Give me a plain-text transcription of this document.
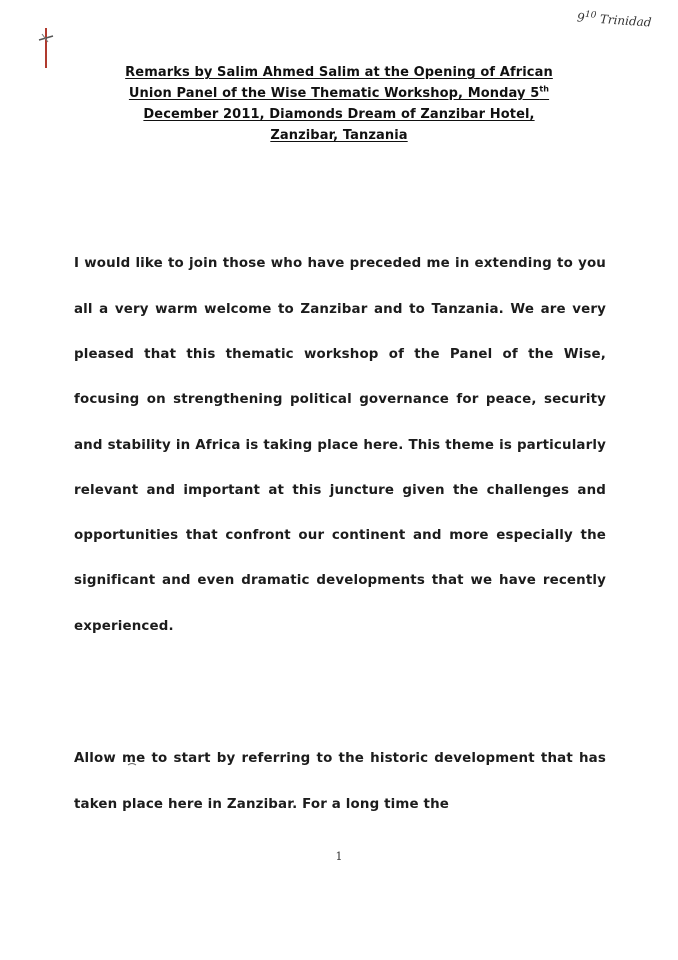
$9^{10}$ Trinidad
Remarks by Salim Ahmed Salim at the Opening of African
Union Panel of the Wise Thematic Workshop, Monday 5th
December 2011, Diamonds Dream of Zanzibar Hotel,
Zanzibar, Tanzania

I would like to join those who have preceded me in extending to you all a very warm welcome to Zanzibar and to Tanzania. We are very pleased that this thematic workshop of the Panel of the Wise, focusing on strengthening political governance for peace, security and stability in Africa is taking place here. This theme is particularly relevant and important at this juncture given the challenges and opportunities that confront our continent and more especially the significant and even dramatic developments that we have recently experienced.

Allow me to start by referring to the historic development that has taken place here in Zanzibar. For a long time the

1
